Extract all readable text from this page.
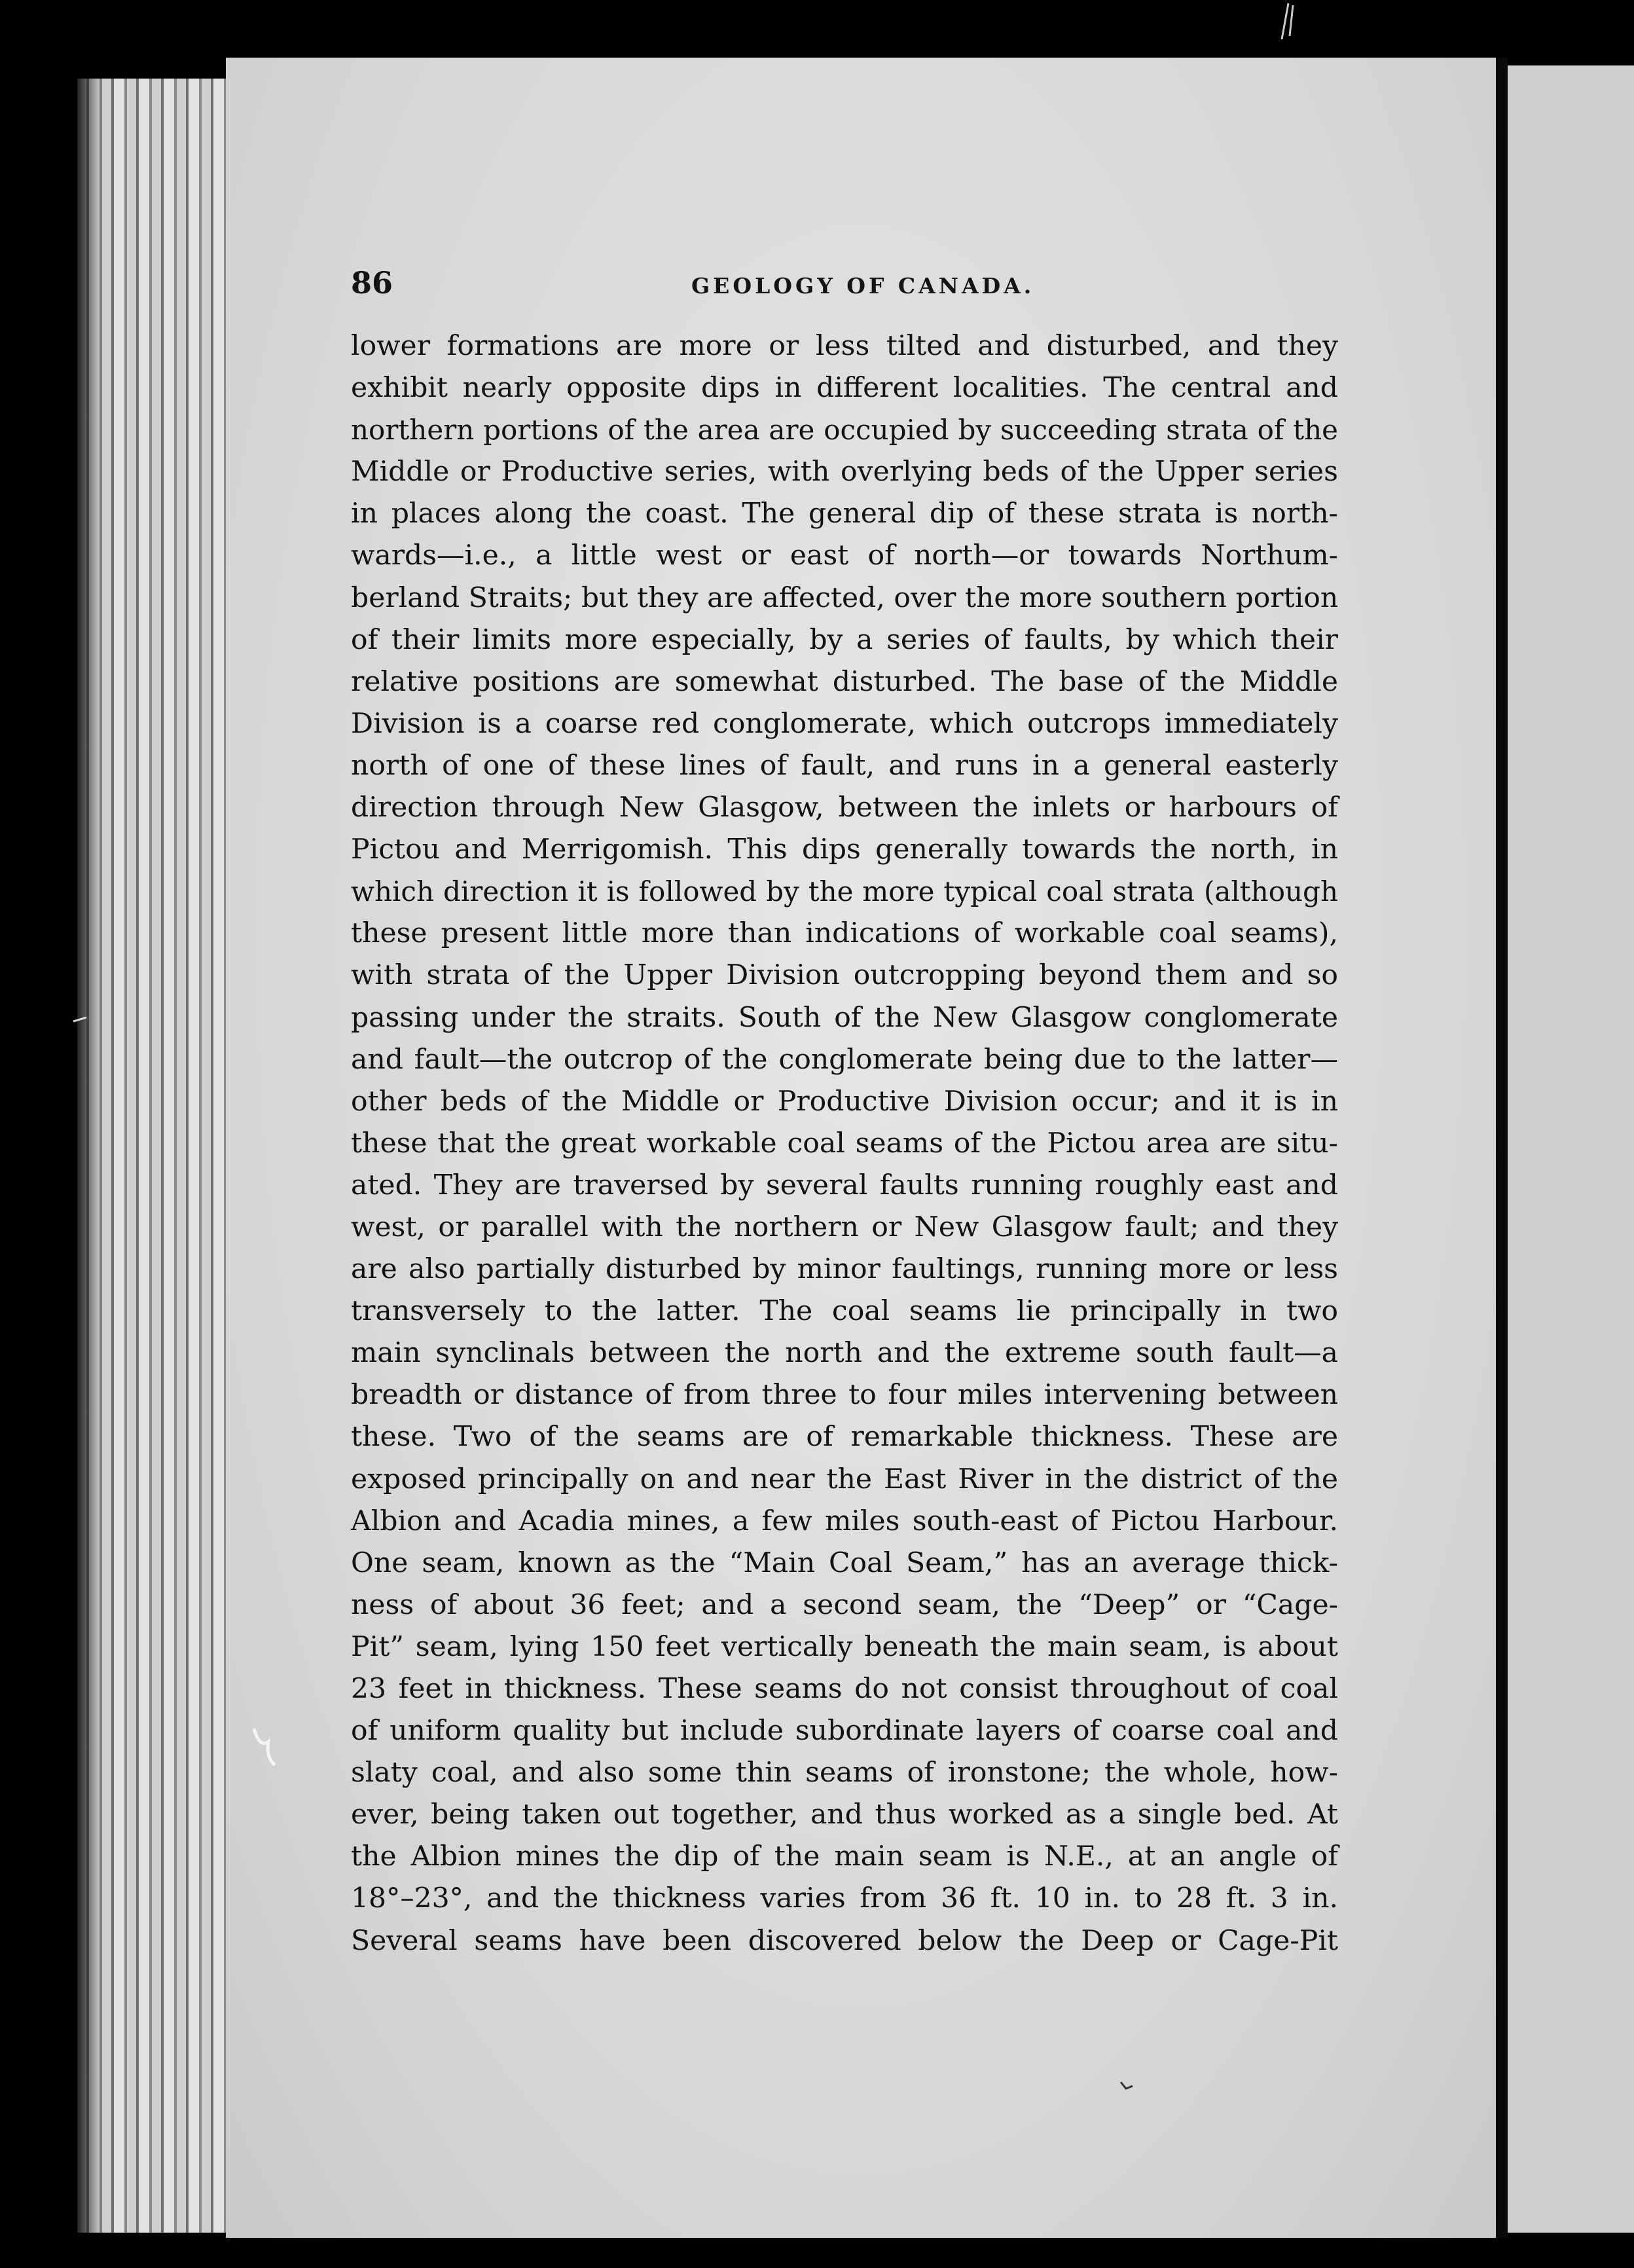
86	GEOLOGY OF CANADA.
lower formations are more or less tilted and disturbed, and they
exhibit nearly opposite dips in different localities. The central and
northern portions of the area are occupied by succeeding strata of the
Middle or Productive series, with overlying beds of the Upper series
in places along the coast. The general dip of these strata is north-
wards—i.e., a little west or east of north—or towards Northum-
berland Straits; but they are affected, over the more southern portion
of their limits more especially, by a series of faults, by which their
relative positions are somewhat disturbed. The base of the Middle
Division is a coarse red conglomerate, which outcrops immediately
north of one of these lines of fault, and runs in a general easterly
direction through New Glasgow, between the inlets or harbours of
Pictou and Merrigomish. This dips generally towards the north, in
which direction it is followed by the more typical coal strata (although
these present little more than indications of workable coal seams),
with strata of the Upper Division outcropping beyond them and so
passing under the straits. South of the New Glasgow conglomerate
and fault—the outcrop of the conglomerate being due to the latter—
other beds of the Middle or Productive Division occur; and it is in
these that the great workable coal seams of the Pictou area are situ-
ated. They are traversed by several faults running roughly east and
west, or parallel with the northern or New Glasgow fault; and they
are also partially disturbed by minor faultings, running more or less
transversely to the latter. The coal seams lie principally in two
main synclinals between the north and the extreme south fault—a
breadth or distance of from three to four miles intervening between
these. Two of the seams are of remarkable thickness. These are
exposed principally on and near the East River in the district of the
Albion and Acadia mines, a few miles south-east of Pictou Harbour.
One seam, known as the “Main Coal Seam,” has an average thick-
ness of about 36 feet; and a second seam, the “Deep” or “Cage-
Pit” seam, lying 150 feet vertically beneath the main seam, is about
23 feet in thickness. These seams do not consist throughout of coal
of uniform quality but include subordinate layers of coarse coal and
slaty coal, and also some thin seams of ironstone; the whole, how-
ever, being taken out together, and thus worked as a single bed. At
the Albion mines the dip of the main seam is N.E., at an angle of
18°–23°, and the thickness varies from 36 ft. 10 in. to 28 ft. 3 in.
Several seams have been discovered below the Deep or Cage-Pit
